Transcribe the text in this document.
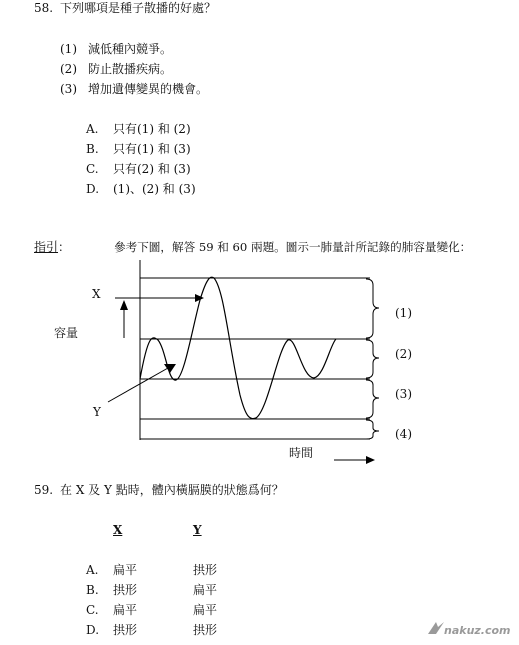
58. 下列哪項是種子散播的好處？
(1) 減低種內競爭。
(2) 防止散播疾病。
(3) 增加遺傳變異的機會。
A. 只有(1) 和 (2)
B. 只有(1) 和 (3)
C. 只有(2) 和 (3)
D. (1)、(2) 和 (3)
指引 ：	參考下圖，解答 59 和 60 兩題。圖示一肺量計所記錄的肺容量變化：
X
Y
容量
時間
(1)
(2)
(3)
(4)
59. 在 X 及 Y 點時，體內橫膈膜的狀態爲何？
X	Y
A. 扁平	拱形
B. 拱形	扁平
C. 扁平	扁平
D. 拱形	拱形	nakuz.com
